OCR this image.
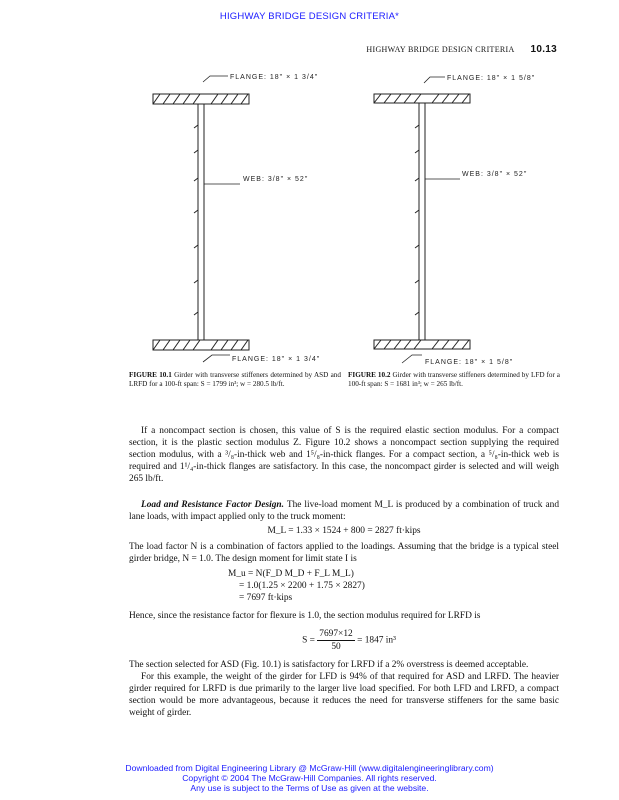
HIGHWAY BRIDGE DESIGN CRITERIA*
HIGHWAY BRIDGE DESIGN CRITERIA 10.13
FLANGE: 18" × 1 3/4"
WEB: 3/8" × 52"
FLANGE: 18" × 1 3/4"
FLANGE: 18" × 1 5/8"
WEB: 3/8" × 52"
FLANGE: 18" × 1 5/8"
FIGURE 10.1 Girder with transverse stiffeners determined by ASD and LRFD for a 100-ft span: S = 1799 in³; w = 280.5 lb/ft.
FIGURE 10.2 Girder with transverse stiffeners determined by LFD for a 100-ft span: S = 1681 in³; w = 265 lb/ft.

If a noncompact section is chosen, this value of S is the required elastic section modulus. For a compact section, it is the plastic section modulus Z. Figure 10.2 shows a noncompact section supplying the required section modulus, with a ³/₈-in-thick web and 1⁵/₈-in-thick flanges. For a compact section, a ⁵/₈-in-thick web is required and 1¹/₄-in-thick flanges are satisfactory. In this case, the noncompact girder is selected and will weigh 265 lb/ft.

Load and Resistance Factor Design. The live-load moment M_L is produced by a combination of truck and lane loads, with impact applied only to the truck moment:

M_L = 1.33 × 1524 + 800 = 2827 ft·kips

The load factor N is a combination of factors applied to the loadings. Assuming that the bridge is a typical steel girder bridge, N = 1.0. The design moment for limit state I is

M_u = N(F_D M_D + F_L M_L)
= 1.0(1.25 × 2200 + 1.75 × 2827)
= 7697 ft·kips

Hence, since the resistance factor for flexure is 1.0, the section modulus required for LRFD is

$S = \frac{7697\times 12}{50} = 1847$ in³

The section selected for ASD (Fig. 10.1) is satisfactory for LRFD if a 2% overstress is deemed acceptable.

For this example, the weight of the girder for LFD is 94% of that required for ASD and LRFD. The heavier girder required for LRFD is due primarily to the larger live load specified. For both LFD and LRFD, a compact section would be more advantageous, because it reduces the need for transverse stiffeners for the same basic weight of girder.

Downloaded from Digital Engineering Library @ McGraw-Hill (www.digitalengineeringlibrary.com)
Copyright © 2004 The McGraw-Hill Companies. All rights reserved.
Any use is subject to the Terms of Use as given at the website.
